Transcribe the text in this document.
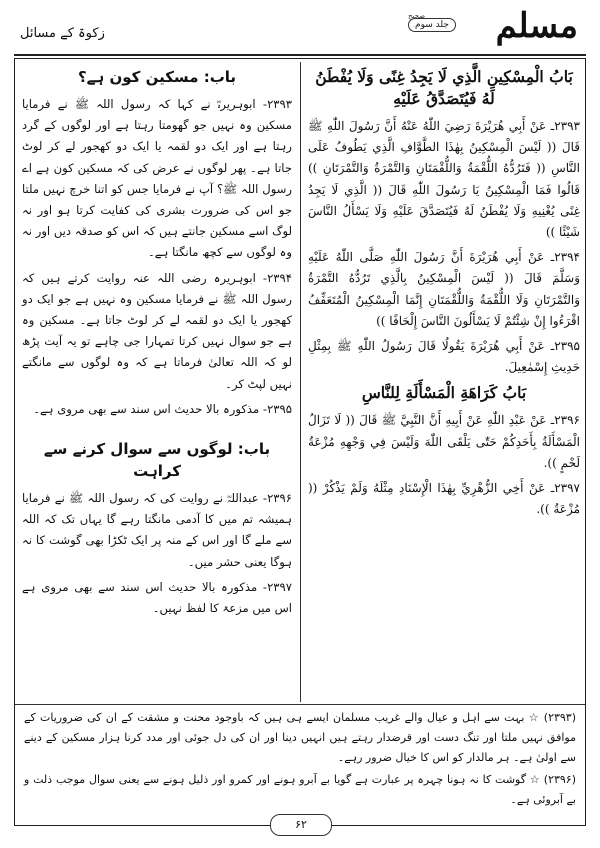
زکوۃ کے مسائل	مسلم
جلد سوم
صحیح

بَابُ الْمِسْكِينِ الَّذِي لَا يَجِدُ غِنًى وَلَا يُفْطَنُ لَهُ فَيُتَصَدَّقُ عَلَيْهِ

۲۳۹۳ـ عَنْ أَبِي هُرَيْرَةَ رَضِيَ اللّٰهُ عَنْهُ أَنَّ رَسُولَ اللّٰهِ ﷺ قَالَ (( لَيْسَ الْمِسْكِينُ بِهٰذَا الطَّوَّافِ الَّذِي يَطُوفُ عَلَى النَّاسِ (( فَتَرُدُّهُ اللُّقْمَةُ وَاللُّقْمَتَانِ وَالتَّمْرَةُ وَالتَّمْرَتَانِ )) قَالُوا فَمَا الْمِسْكِينُ يَا رَسُولَ اللّٰهِ قَالَ (( الَّذِي لَا يَجِدُ غِنًى يُغْنِيهِ وَلَا يُفْطَنُ لَهُ فَيُتَصَدَّقَ عَلَيْهِ وَلَا يَسْأَلُ النَّاسَ شَيْئًا ))

۲۳۹۴ـ عَنْ أَبِي هُرَيْرَةَ أَنَّ رَسُولَ اللّٰهِ صَلَّى اللّٰهُ عَلَيْهِ وَسَلَّمَ قَالَ (( لَيْسَ الْمِسْكِينُ بِالَّذِي تَرُدُّهُ التَّمْرَةُ وَالتَّمْرَتَانِ وَلَا اللُّقْمَةُ وَاللُّقْمَتَانِ إِنَّمَا الْمِسْكِينُ الْمُتَعَفِّفُ اقْرَءُوا إِنْ شِئْتُمْ لَا يَسْأَلُونَ النَّاسَ إِلْحَافًا ))

۲۳۹۵ـ عَنْ أَبِي هُرَيْرَةَ يَقُولُا قَالَ رَسُولُ اللّٰهِ ﷺ بِمِثْلِ حَدِيثِ إِسْمٰعِيلَ.

بَابُ كَرَاهَةِ الْمَسْأَلَةِ لِلنَّاسِ

۲۳۹۶ـ عَنْ عَبْدِ اللّٰهِ عَنْ أَبِيهِ أَنَّ النَّبِيَّ ﷺ قَالَ (( لَا تَزَالُ الْمَسْأَلَةُ بِأَحَدِكُمْ حَتّٰى يَلْقَى اللّٰهَ وَلَيْسَ فِي وَجْهِهِ مُزْعَةُ لَحْمٍ )).

۲۳۹۷ـ عَنْ أَخِي الزُّهْرِيِّ بِهٰذَا الْإِسْنَادِ مِثْلَهُ وَلَمْ يَذْكُرْ (( مُزْعَةُ )).

باب: مسکین کون ہے؟

۲۳۹۳- ابوہریرہؓ نے کہا کہ رسول اللہ ﷺ نے فرمایا مسکین وہ نہیں جو گھومتا رہتا ہے اور لوگوں کے گرد رہتا ہے اور ایک دو لقمہ یا ایک دو کھجور لے کر لوٹ جاتا ہے۔ پھر لوگوں نے عرض کی کہ مسکین کون ہے اے رسول اللہ ﷺ؟ آپ نے فرمایا جس کو اتنا خرچ نہیں ملتا جو اس کی ضرورت بشری کی کفایت کرتا ہو اور نہ لوگ اسے مسکین جانتے ہیں کہ اس کو صدقہ دیں اور نہ وہ لوگوں سے کچھ مانگتا ہے۔

۲۳۹۴- ابوہریرہ رضی اللہ عنہ روایت کرتے ہیں کہ رسول اللہ ﷺ نے فرمایا مسکین وہ نہیں ہے جو ایک دو کھجور یا ایک دو لقمہ لے کر لوٹ جاتا ہے۔ مسکین وہ ہے جو سوال نہیں کرتا تمہارا جی چاہے تو یہ آیت پڑھ لو کہ اللہ تعالیٰ فرماتا ہے کہ وہ لوگوں سے مانگتے نہیں لپٹ کر۔

۲۳۹۵- مذکورہ بالا حدیث اس سند سے بھی مروی ہے۔

باب: لوگوں سے سوال کرنے سے کراہت

۲۳۹۶- عبداللہؓ نے روایت کی کہ رسول اللہ ﷺ نے فرمایا ہمیشہ تم میں کا آدمی مانگتا رہے گا یہاں تک کہ اللہ سے ملے گا اور اس کے منہ پر ایک ٹکڑا بھی گوشت کا نہ ہوگا یعنی حشر میں۔

۲۳۹۷- مذکورہ بالا حدیث اس سند سے بھی مروی ہے اس میں مزعۃ کا لفظ نہیں۔

(۲۳۹۳) ☆ بہت سے اہل و عیال والے غریب مسلمان ایسے ہی ہیں کہ باوجود محنت و مشقت کے ان کی ضروریات کے موافق نہیں ملتا اور تنگ دست اور قرضدار رہتے ہیں انہیں دینا اور ان کی دل جوئی اور مدد کرنا ہزار مسکین کے دینے سے اولیٰ ہے۔ ہر مالدار کو اس کا خیال ضرور رہے۔

(۲۳۹۶) ☆ گوشت کا نہ ہونا چہرہ پر عبارت ہے گویا بے آبرو ہونے اور کمرو اور ذلیل ہونے سے یعنی سوال موجب ذلت و بے آبروئی ہے۔

۶۲
